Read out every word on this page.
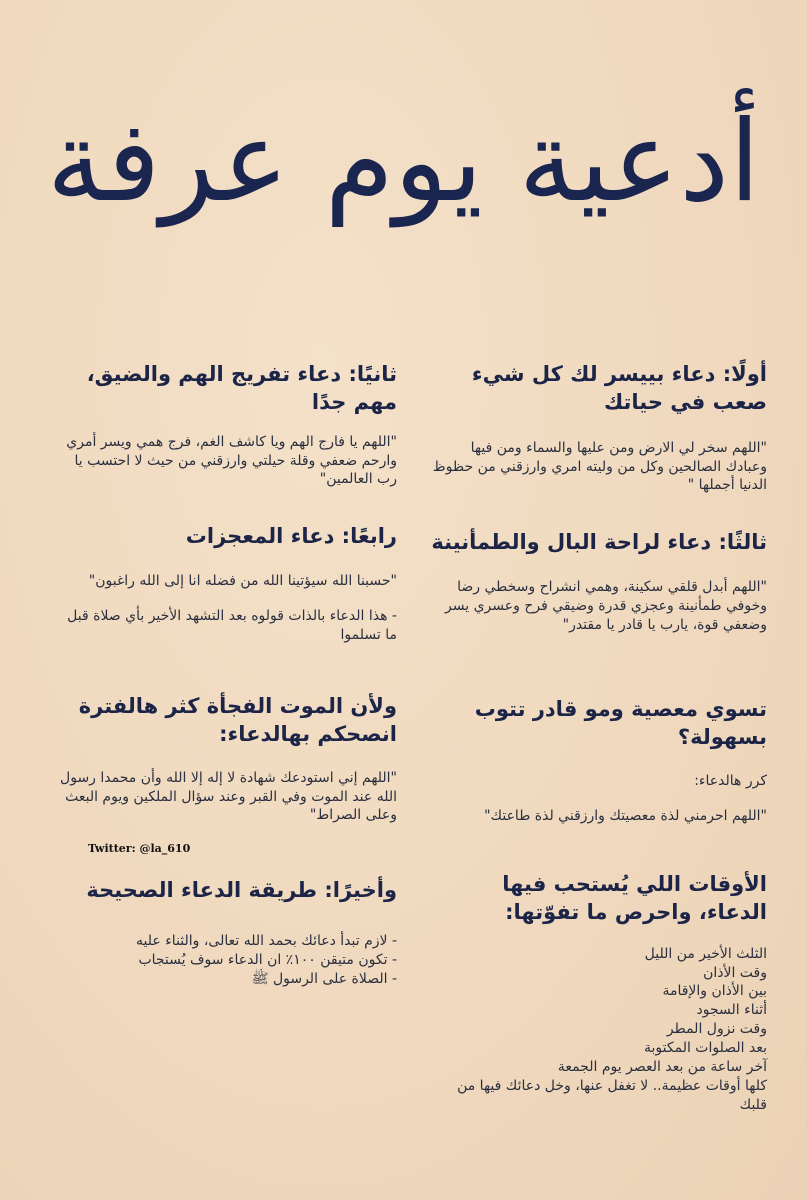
أدعية يوم عرفة
أولًا: دعاء بييسر لك كل شيء صعب في حياتك

"اللهم سخر لي الارض ومن عليها والسماء ومن فيها وعبادك الصالحين وكل من وليته امري وارزقني من حظوظ الدنيا أجملها "

ثالثًا: دعاء لراحة البال والطمأنينة

"اللهم أبدل قلقي سكينة، وهمي انشراح وسخطي رضا وخوفي طمأنينة وعجزي قدرة وضيقي فرح وعسري يسر وضعفي قوة، يارب يا قادر يا مقتدر"

تسوي معصية ومو قادر تتوب بسهولة؟

كرر هالدعاء:

"اللهم احرمني لذة معصيتك وارزقني لذة طاعتك"

الأوقات اللي يُستحب فيها الدعاء، واحرص ما تفوّتها:

الثلث الأخير من الليل

وقت الأذان

بين الأذان والإقامة

أثناء السجود

وقت نزول المطر

بعد الصلوات المكتوبة

آخر ساعة من بعد العصر يوم الجمعة

كلها أوقات عظيمة.. لا تغفل عنها، وخل دعائك فيها من قلبك

ثانيًا: دعاء تفريج الهم والضيق، مهم جدًا

"اللهم يا فارج الهم ويا كاشف الغم، فرج همي ويسر أمري وارحم ضعفي وقلة حيلتي وارزقني من حيث لا احتسب يا رب العالمين"

رابعًا: دعاء المعجزات

"حسبنا الله سيؤتينا الله من فضله انا إلى الله راغبون"

- هذا الدعاء بالذات قولوه بعد التشهد الأخير بأي صلاة قبل ما تسلموا

ولأن الموت الفجأة كثر هالفترة انصحكم بهالدعاء:

"اللهم إني استودعك شهادة لا إله إلا الله وأن محمدا رسول الله عند الموت وفي القبر وعند سؤال الملكين ويوم البعث وعلى الصراط"

وأخيرًا: طريقة الدعاء الصحيحة

- لازم تبدأ دعائك بحمد الله تعالى، والثناء عليه

- تكون متيقن ١٠٠٪ ان الدعاء سوف يُستجاب

- الصلاة على الرسول ﷺ

Twitter: @la_610
